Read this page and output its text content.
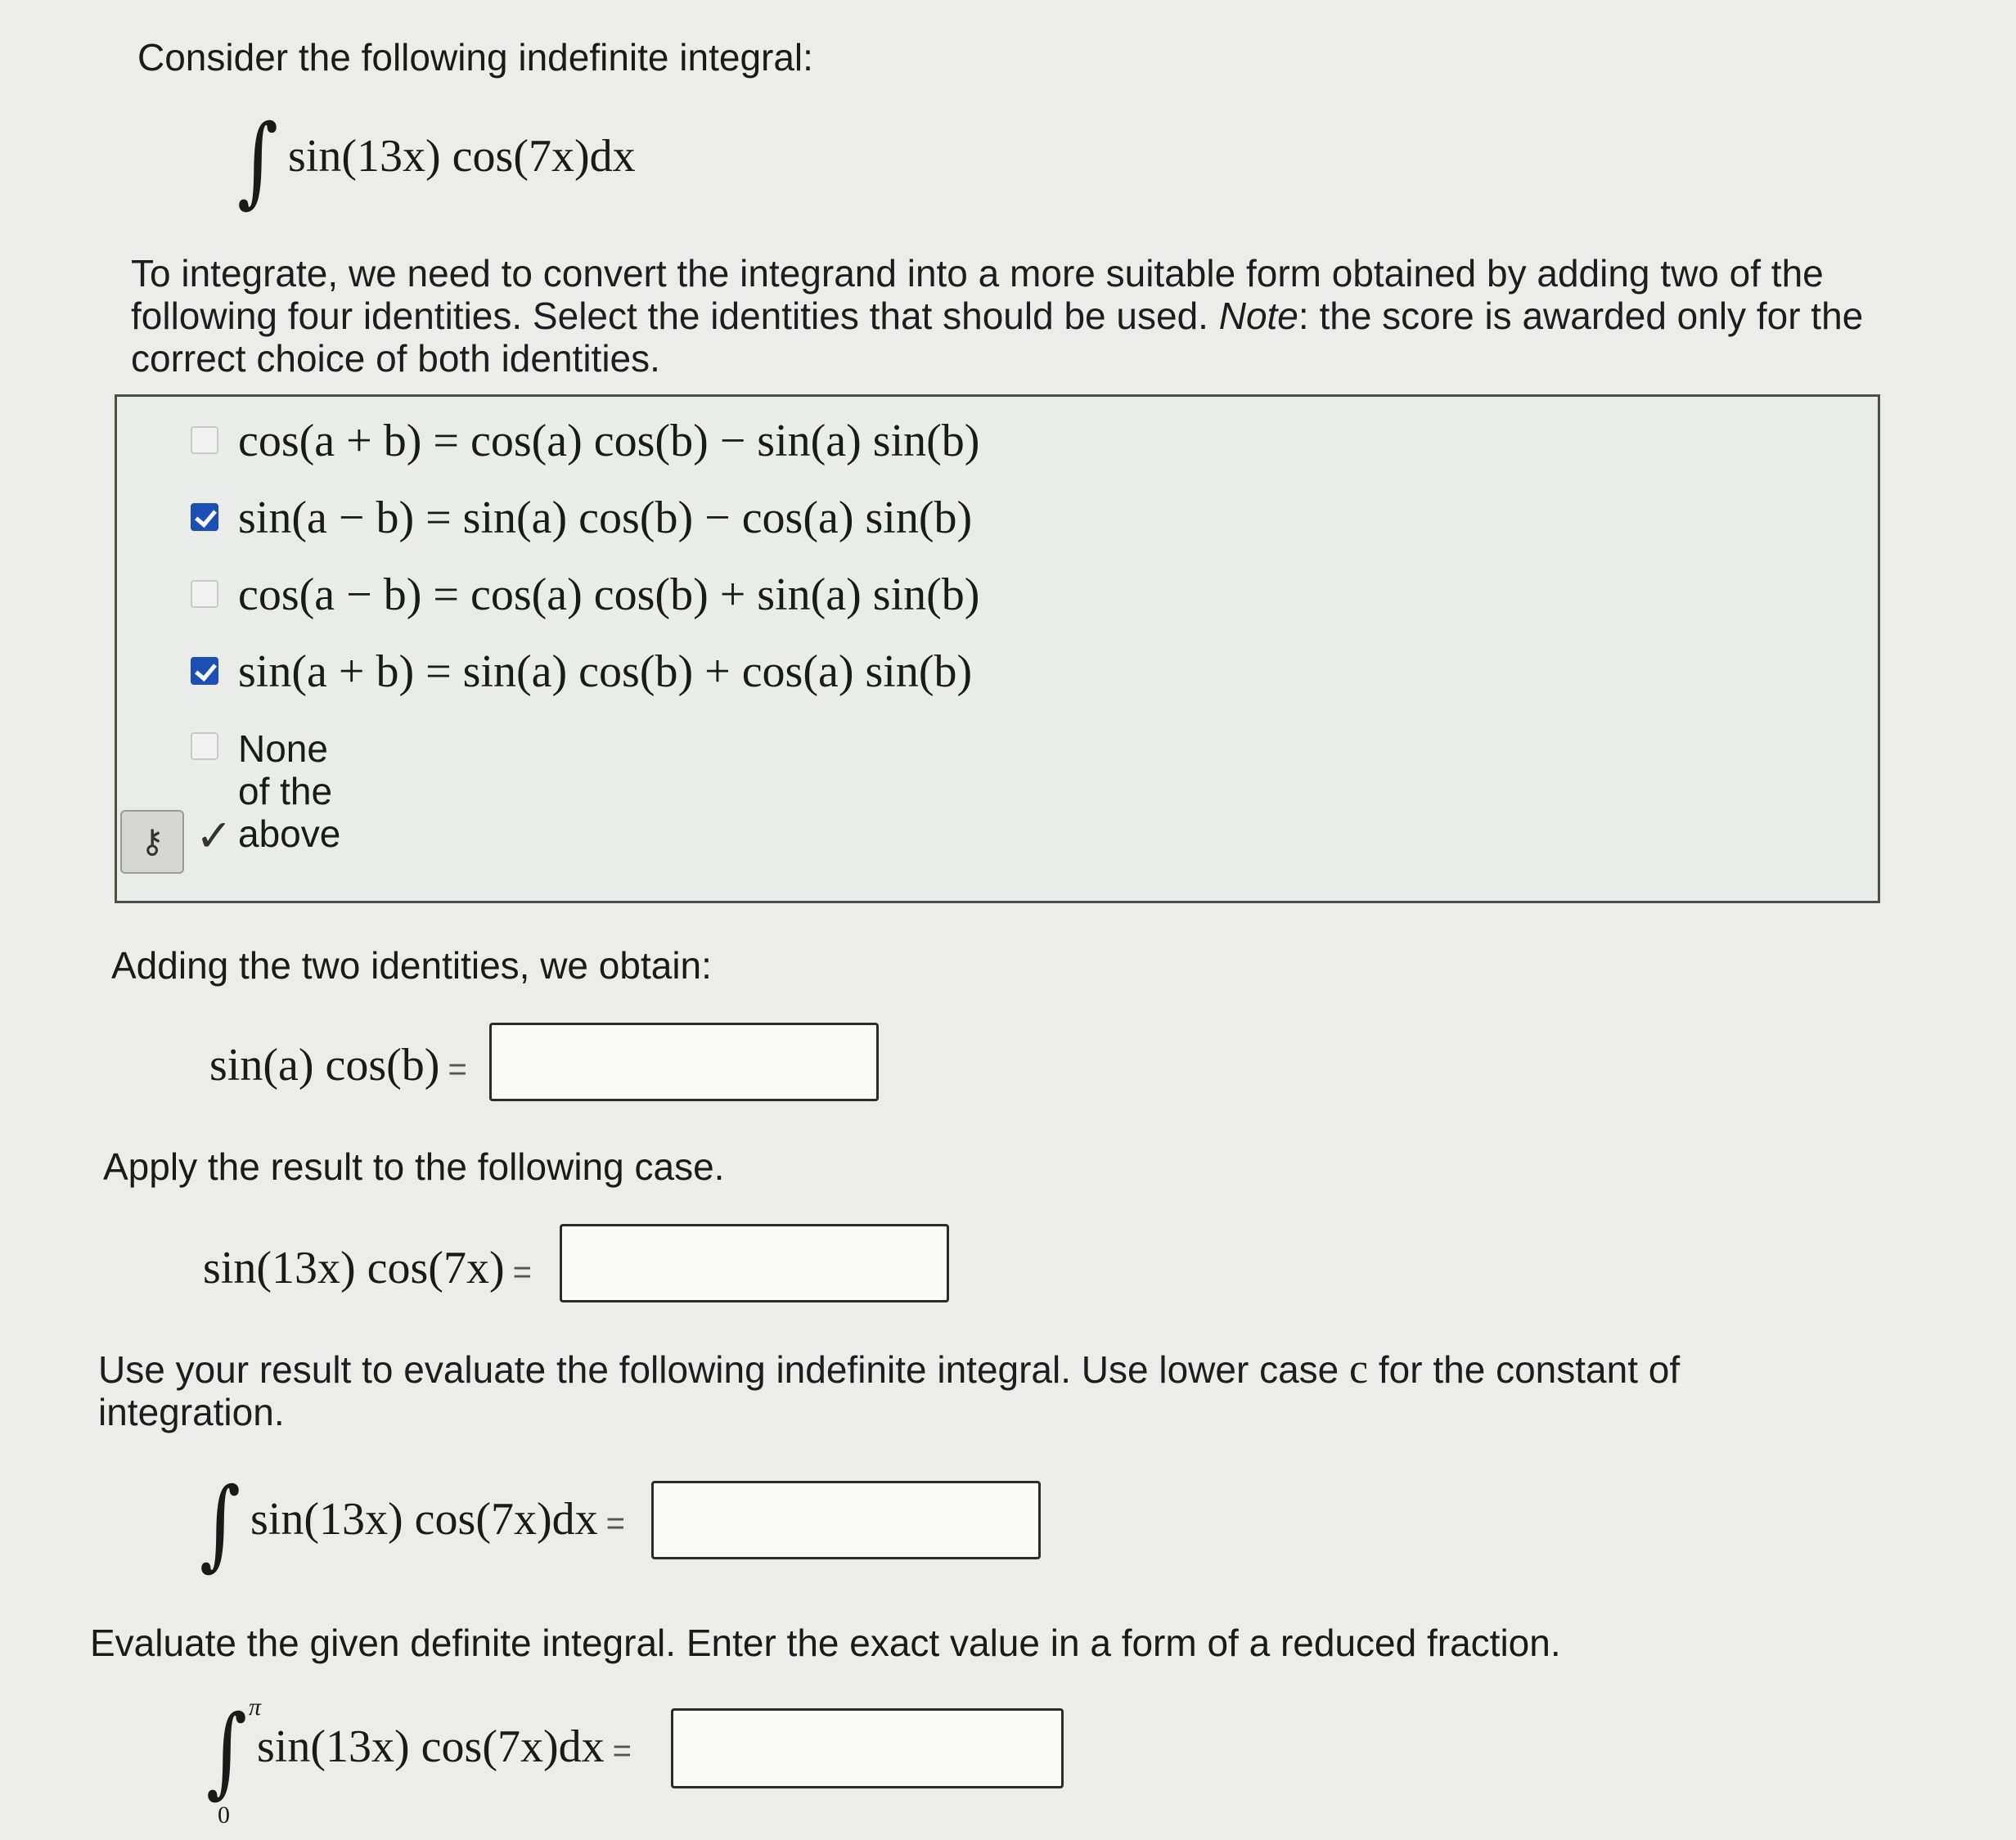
Consider the following indefinite integral:
∫ sin(13x) cos(7x)dx
To integrate, we need to convert the integrand into a more suitable form obtained by adding two of the following four identities. Select the identities that should be used. Note: the score is awarded only for the correct choice of both identities.
cos(a + b) = cos(a) cos(b) − sin(a) sin(b)
sin(a − b) = sin(a) cos(b) − cos(a) sin(b)
cos(a − b) = cos(a) cos(b) + sin(a) sin(b)
sin(a + b) = sin(a) cos(b) + cos(a) sin(b)
None of the above
⚷ ✓
Adding the two identities, we obtain:
sin(a) cos(b) =
Apply the result to the following case.
sin(13x) cos(7x) =
Use your result to evaluate the following indefinite integral. Use lower case c for the constant of integration.
∫ sin(13x) cos(7x)dx =
Evaluate the given definite integral. Enter the exact value in a form of a reduced fraction.
∫ π
0
sin(13x) cos(7x)dx =
